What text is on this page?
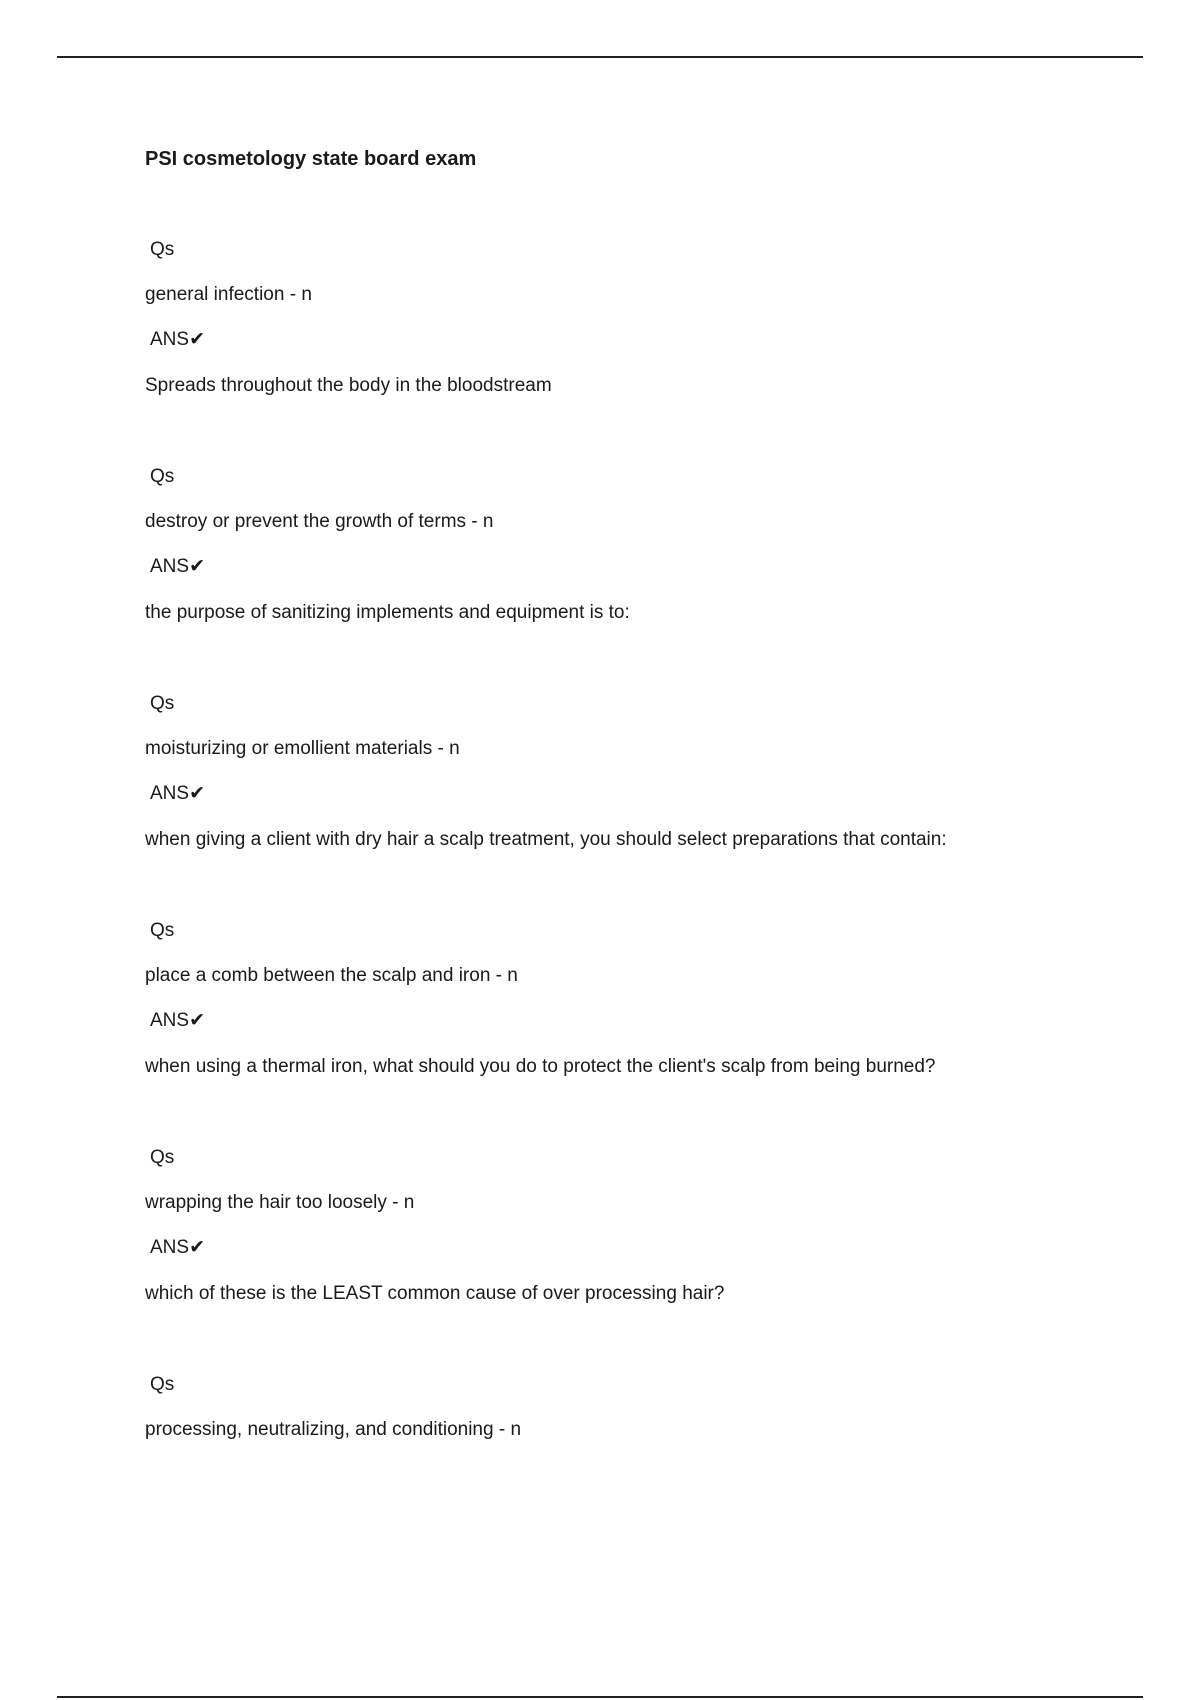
PSI cosmetology state board exam
Qs
general infection - n
ANS✔
Spreads throughout the body in the bloodstream
Qs
destroy or prevent the growth of terms - n
ANS✔
the purpose of sanitizing implements and equipment is to:
Qs
moisturizing or emollient materials - n
ANS✔
when giving a client with dry hair a scalp treatment, you should select preparations that contain:
Qs
place a comb between the scalp and iron - n
ANS✔
when using a thermal iron, what should you do to protect the client's scalp from being burned?
Qs
wrapping the hair too loosely - n
ANS✔
which of these is the LEAST common cause of over processing hair?
Qs
processing, neutralizing, and conditioning - n
